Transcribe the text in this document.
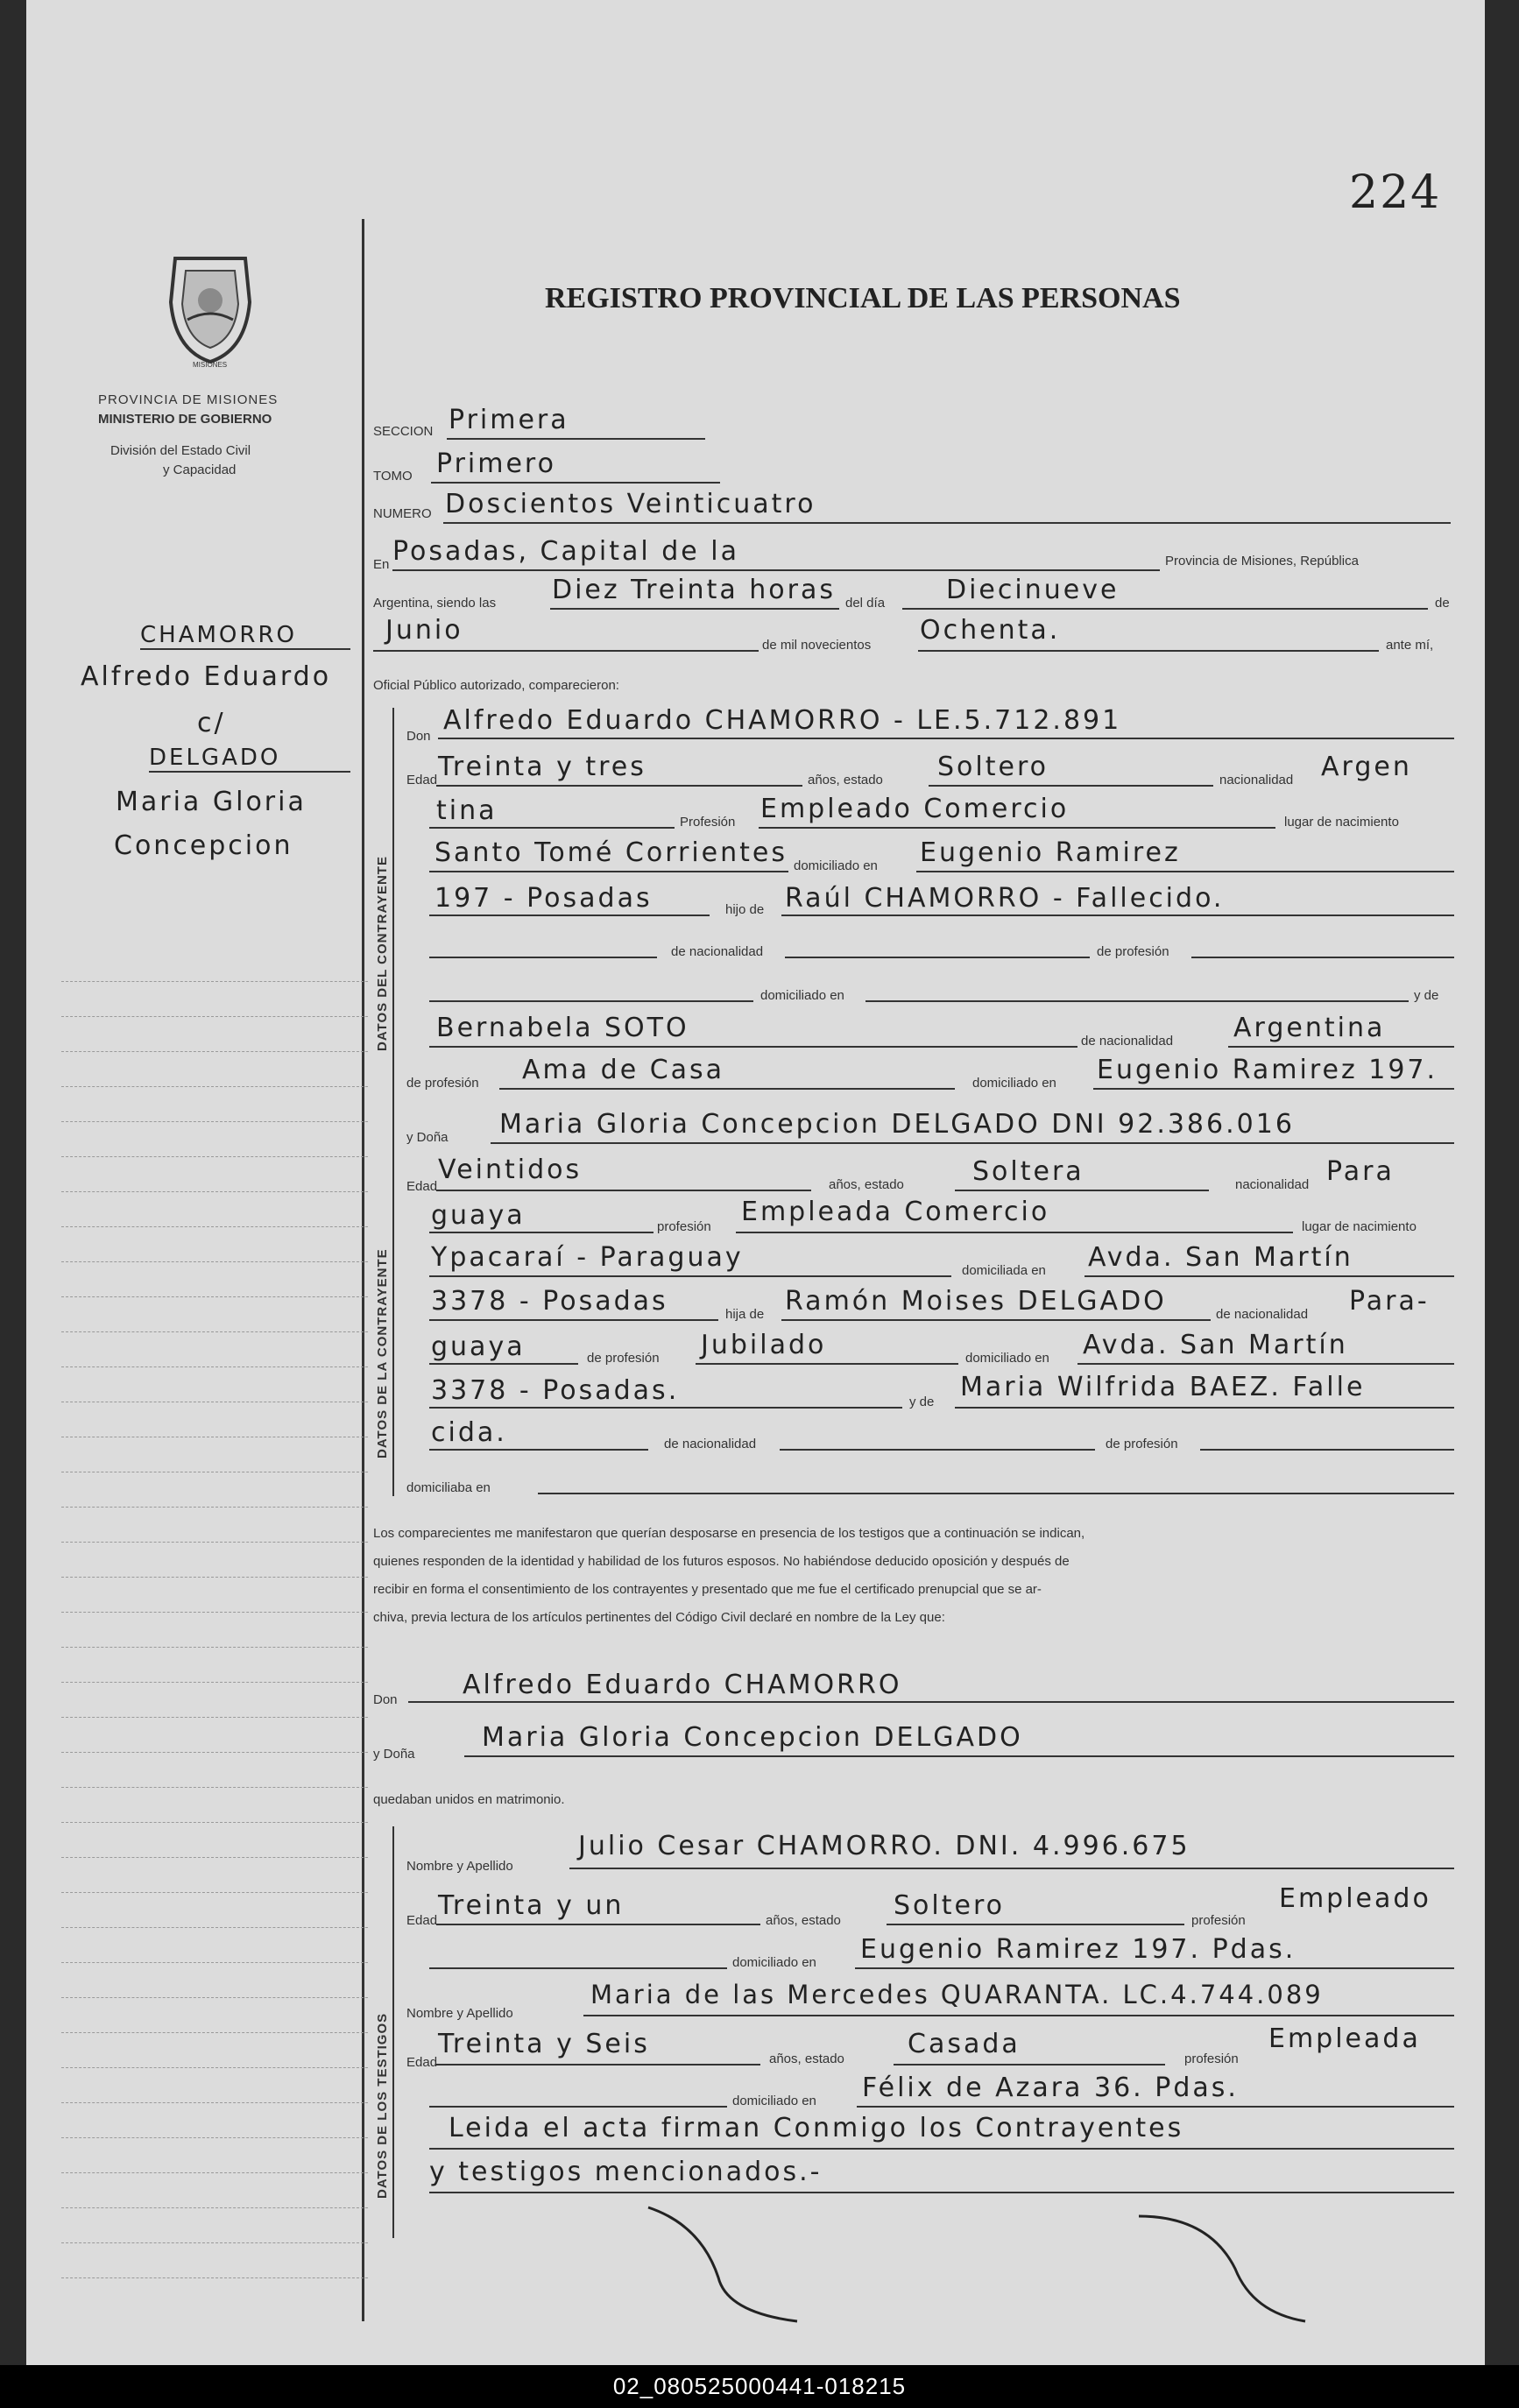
224
MISIONES
PROVINCIA DE MISIONES
MINISTERIO DE GOBIERNO
División del Estado Civil
y Capacidad
REGISTRO PROVINCIAL DE LAS PERSONAS
CHAMORRO
Alfredo Eduardo
c/
DELGADO
Maria Gloria
Concepcion
SECCION Primera
TOMO Primero
NUMERO Doscientos Veinticuatro
En Posadas, Capital de la	Provincia de Misiones, República
Argentina, siendo las Diez Treinta horas del día Diecinueve	de
Junio	de mil novecientos Ochenta.	ante mí,
Oficial Público autorizado, comparecieron:
DATOS DEL CONTRAYENTE
Don
Alfredo Eduardo CHAMORRO - LE.5.712.891
Edad Treinta y tres	años, estado Soltero	nacionalidad Argen
tina	Profesión Empleado Comercio	lugar de nacimiento
Santo Tomé Corrientes domiciliado en Eugenio Ramirez
197 - Posadas	hijo de Raúl CHAMORRO - Fallecido.
de nacionalidad	de profesión
domiciliado en	y de
Bernabela SOTO	de nacionalidad Argentina
de profesión Ama de Casa	domiciliado en Eugenio Ramirez 197.
DATOS DE LA CONTRAYENTE
y Doña Maria Gloria Concepcion DELGADO DNI 92.386.016
Edad
Veintidos	años, estado	Soltera	nacionalidad Para
guaya	profesión Empleada Comercio	lugar de nacimiento
Ypacaraí - Paraguay	domiciliada en Avda. San Martín
3378 - Posadas	hija de Ramón Moises DELGADO	de nacionalidad Para-
guaya	de profesión Jubilado	domiciliado en Avda. San Martín
3378 - Posadas.	y de Maria Wilfrida BAEZ. Falle
cida.	de nacionalidad	de profesión
domiciliaba en
Los comparecientes me manifestaron que querían desposarse en presencia de los testigos que a continuación se indican,
quienes responden de la identidad y habilidad de los futuros esposos. No habiéndose deducido oposición y después de
recibir en forma el consentimiento de los contrayentes y presentado que me fue el certificado prenupcial que se ar-
chiva, previa lectura de los artículos pertinentes del Código Civil declaré en nombre de la Ley que:
Don Alfredo Eduardo CHAMORRO
y Doña
Maria Gloria Concepcion DELGADO
quedaban unidos en matrimonio.
DATOS DE LOS TESTIGOS
Nombre y Apellido
Julio Cesar CHAMORRO. DNI. 4.996.675
Edad Treinta y un	años, estado Soltero	profesión
Empleado
domiciliado en Eugenio Ramirez 197. Pdas.
Nombre y Apellido
Maria de las Mercedes QUARANTA. LC.4.744.089
Edad
Treinta y Seis	años, estado Casada	profesión
Empleada
domiciliado en Félix de Azara 36. Pdas.
Leida el acta firman Conmigo los Contrayentes
y testigos mencionados.-
02_080525000441-018215
